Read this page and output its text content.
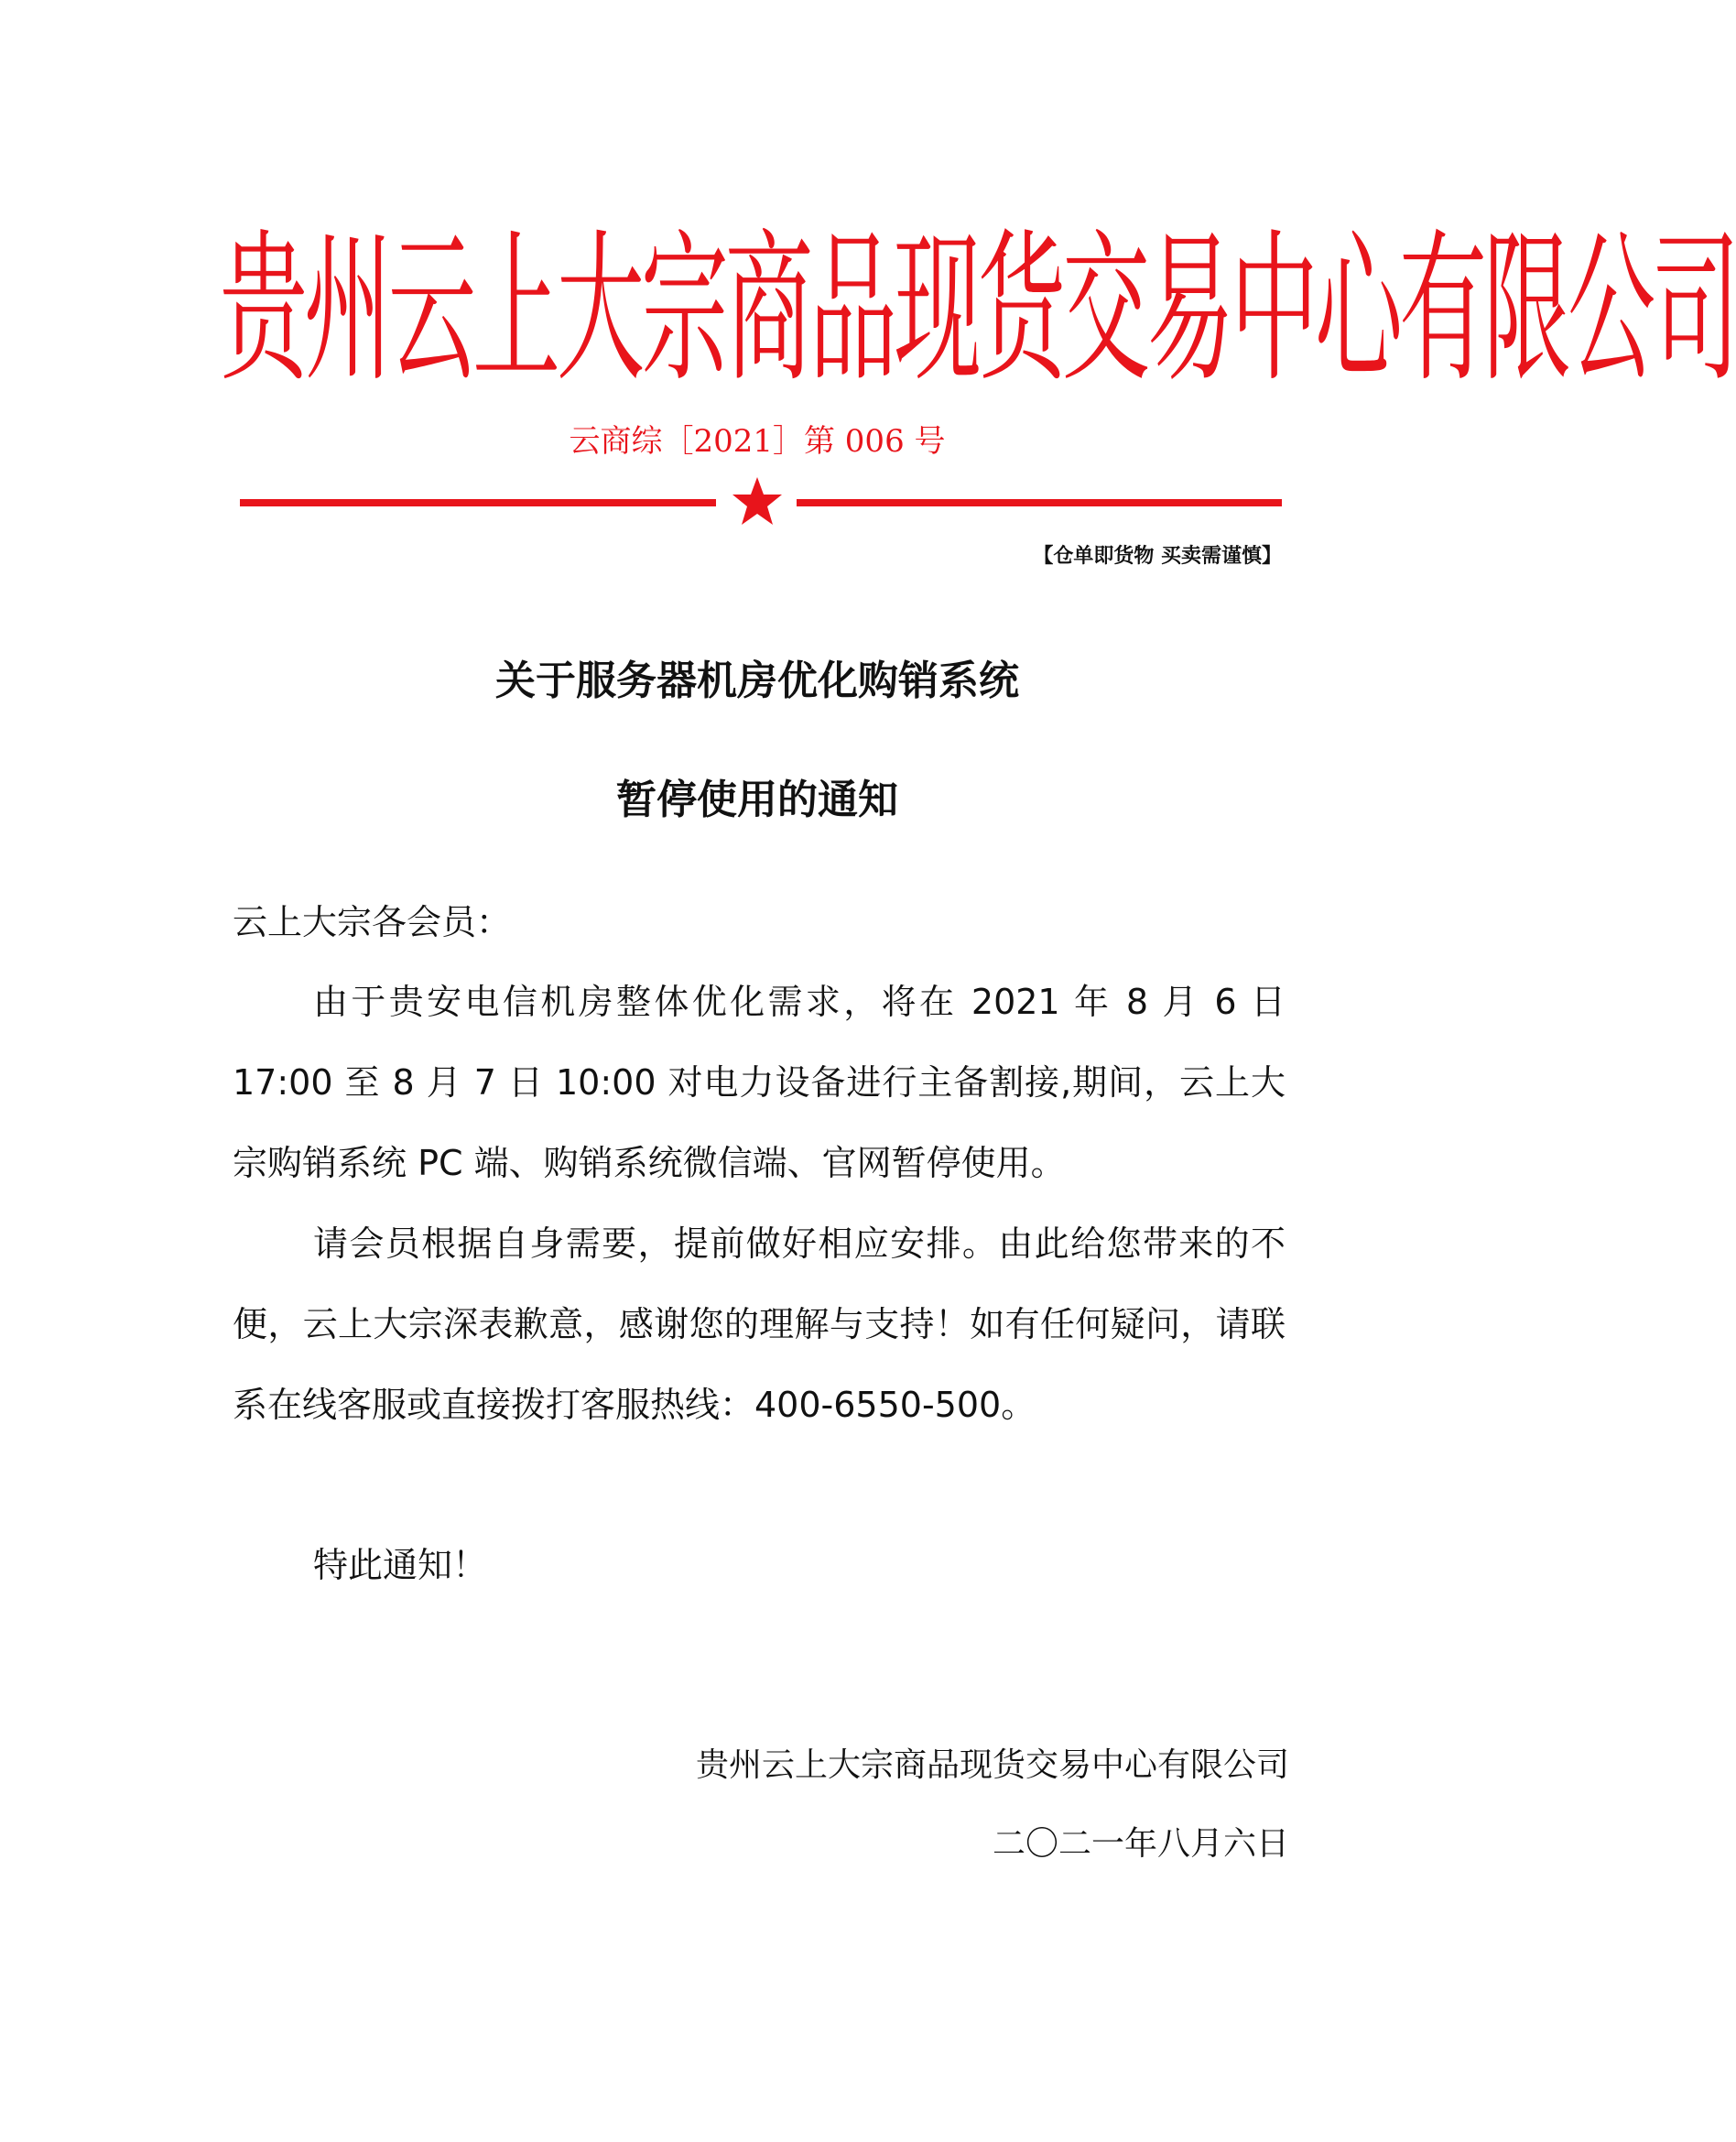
贵州云上大宗商品现货交易中心有限公司
云商综［2021］第 006 号
【仓单即货物 买卖需谨慎】
关于服务器机房优化购销系统
暂停使用的通知
云上大宗各会员：

由于贵安电信机房整体优化需求，将在 2021 年 8 月 6 日 17:00 至 8 月 7 日 10:00 对电力设备进行主备割接,期间，云上大宗购销系统 PC 端、购销系统微信端、官网暂停使用。

请会员根据自身需要，提前做好相应安排。由此给您带来的不便，云上大宗深表歉意，感谢您的理解与支持！如有任何疑问，请联系在线客服或直接拨打客服热线：400-6550-500。

特此通知！

贵州云上大宗商品现货交易中心有限公司
二〇二一年八月六日
